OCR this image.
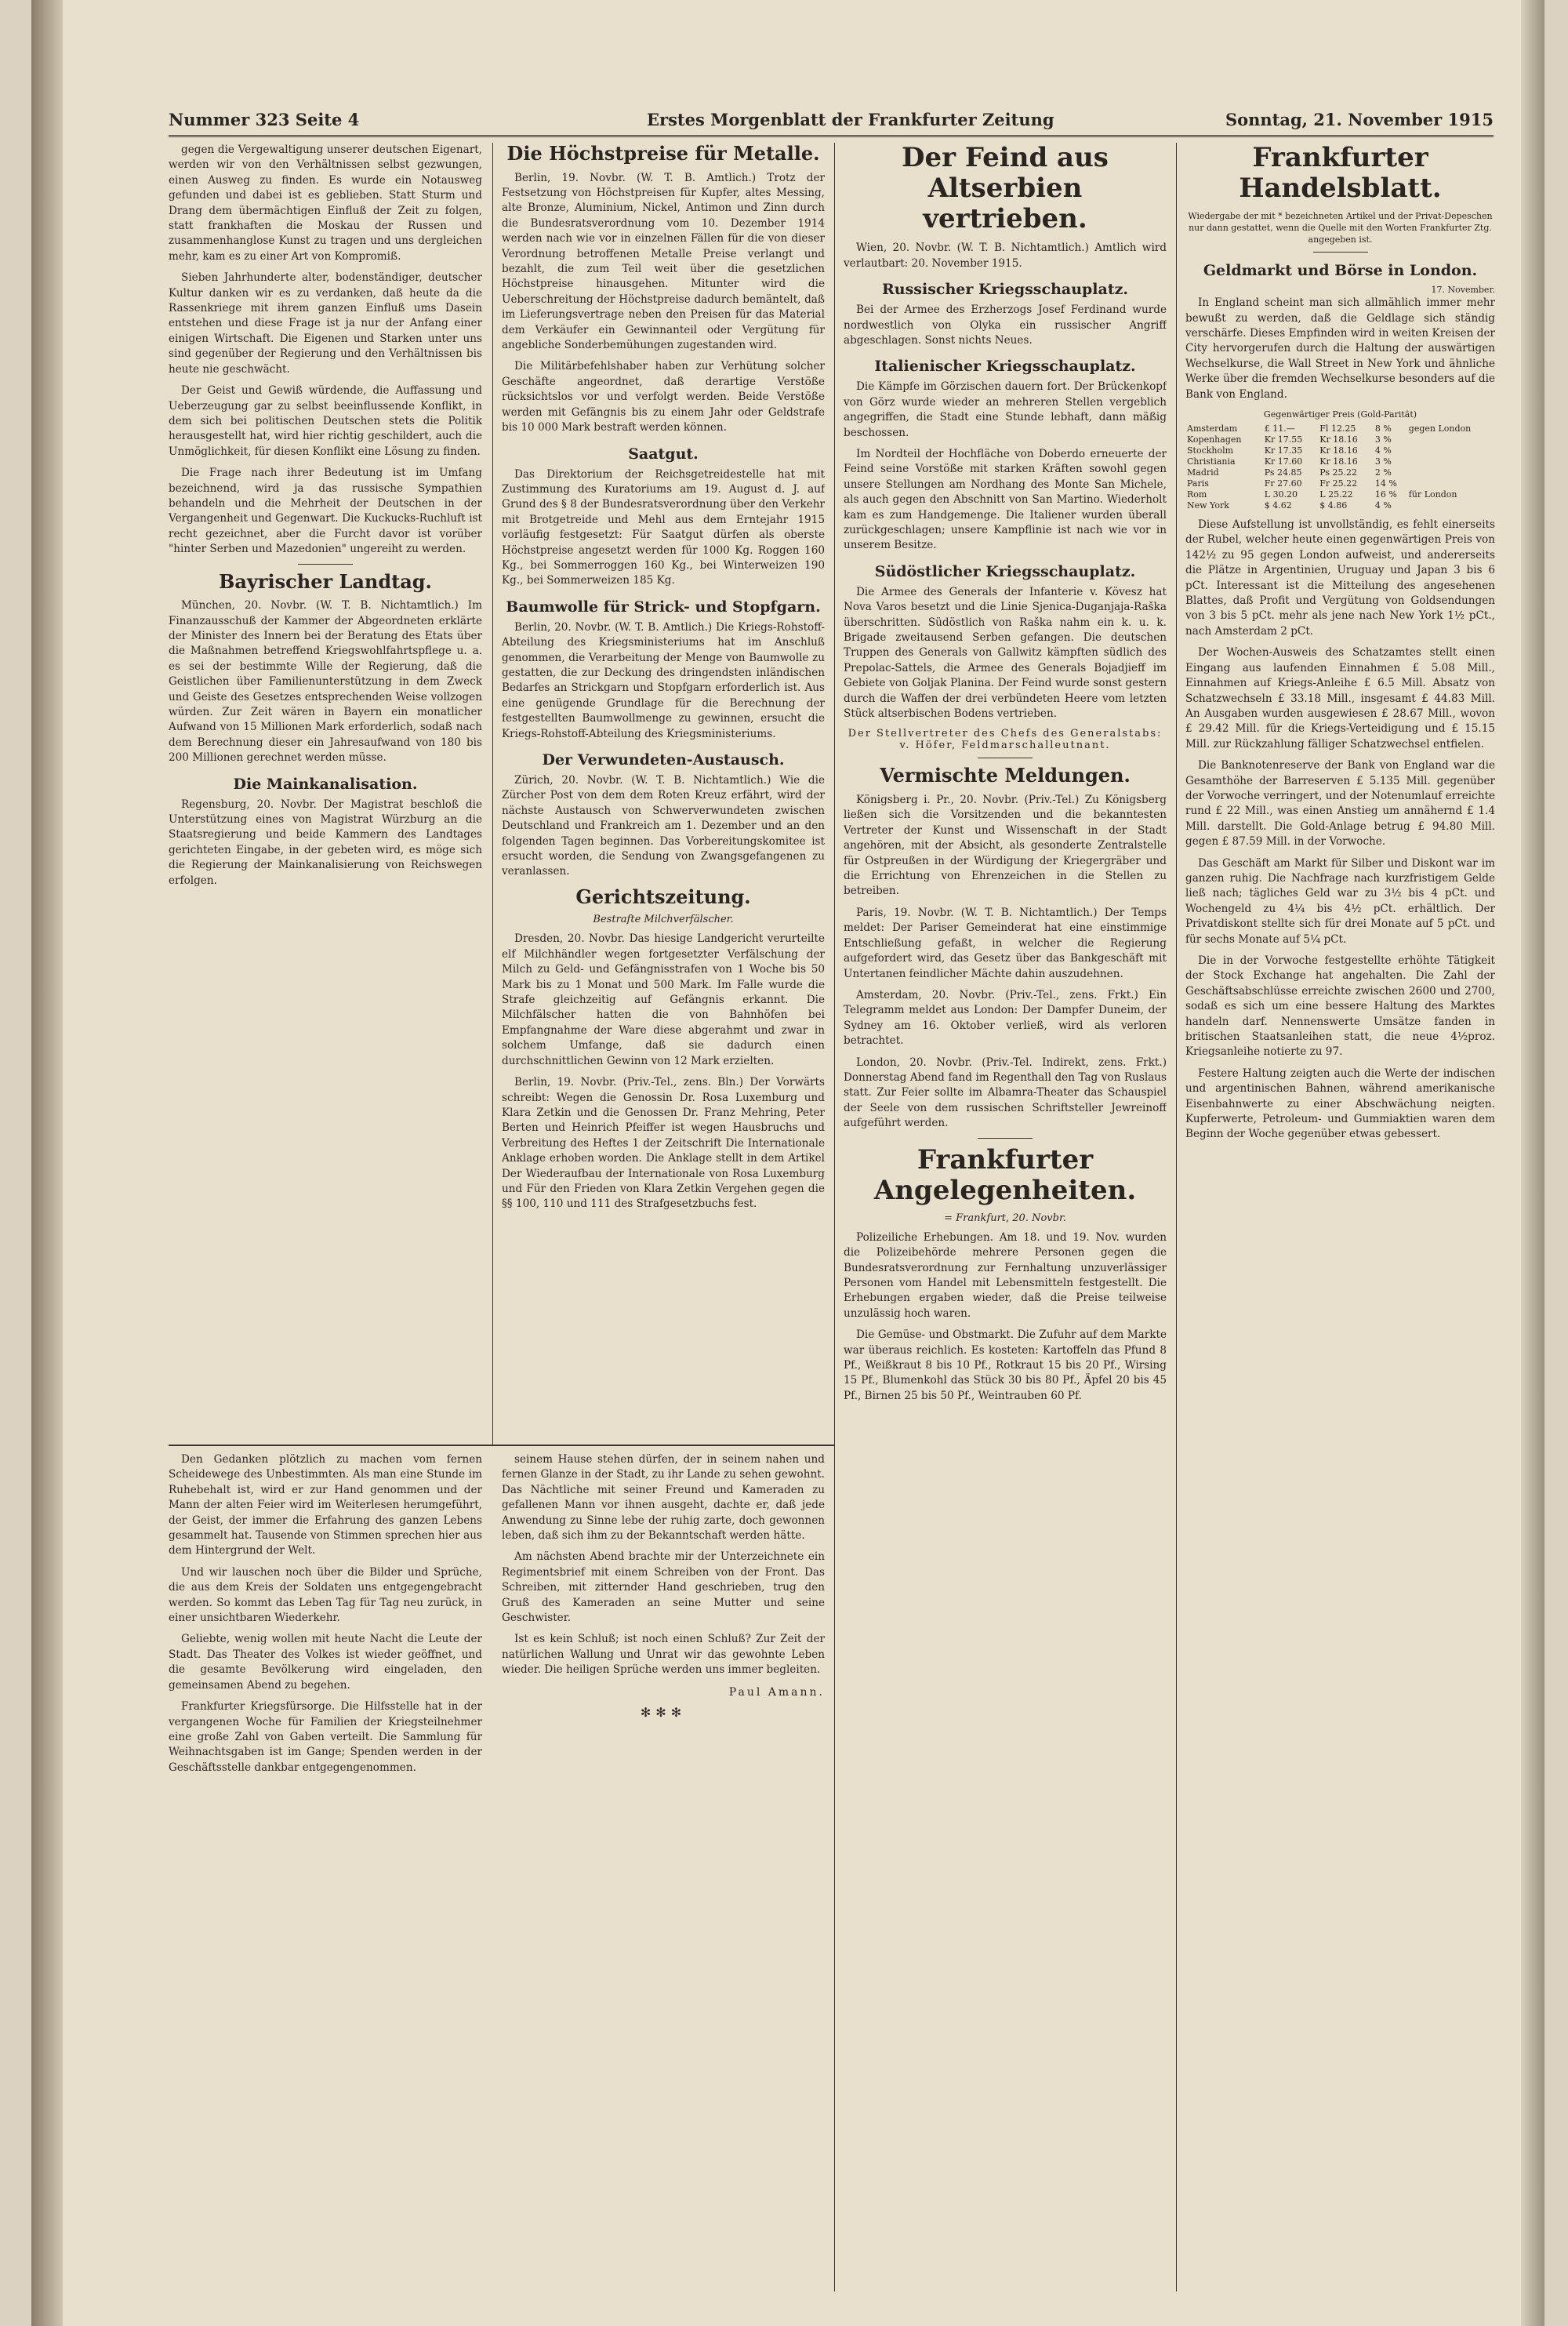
Nummer 323 Seite 4	Erstes Morgenblatt der Frankfurter Zeitung	Sonntag, 21. November 1915

gegen die Vergewaltigung unserer deutschen Eigenart, werden wir von den Verhältnissen selbst gezwungen, einen Ausweg zu finden. Es wurde ein Notausweg gefunden und dabei ist es geblieben. Statt Sturm und Drang dem übermächtigen Einfluß der Zeit zu folgen, statt frankhaften die Moskau der Russen und zusammenhanglose Kunst zu tragen und uns dergleichen mehr, kam es zu einer Art von Kompromiß.

Sieben Jahrhunderte alter, bodenständiger, deutscher Kultur danken wir es zu verdanken, daß heute da die Rassenkriege mit ihrem ganzen Einfluß ums Dasein entstehen und diese Frage ist ja nur der Anfang einer einigen Wirtschaft. Die Eigenen und Starken unter uns sind gegenüber der Regierung und den Verhältnissen bis heute nie geschwächt.

Der Geist und Gewiß würdende, die Auffassung und Ueberzeugung gar zu selbst beeinflussende Konflikt, in dem sich bei politischen Deutschen stets die Politik herausgestellt hat, wird hier richtig geschildert, auch die Unmöglichkeit, für diesen Konflikt eine Lösung zu finden.

Die Frage nach ihrer Bedeutung ist im Umfang bezeichnend, wird ja das russische Sympathien behandeln und die Mehrheit der Deutschen in der Vergangenheit und Gegenwart. Die Kuckucks-Ruchluft ist recht gezeichnet, aber die Furcht davor ist vorüber "hinter Serben und Mazedonien" ungereiht zu werden.

Bayrischer Landtag.

München, 20. Novbr. (W. T. B. Nichtamtlich.) Im Finanzausschuß der Kammer der Abgeordneten erklärte der Minister des Innern bei der Beratung des Etats über die Maßnahmen betreffend Kriegswohlfahrtspflege u. a. es sei der bestimmte Wille der Regierung, daß die Geistlichen über Familienunterstützung in dem Zweck und Geiste des Gesetzes entsprechenden Weise vollzogen würden. Zur Zeit wären in Bayern ein monatlicher Aufwand von 15 Millionen Mark erforderlich, sodaß nach dem Berechnung dieser ein Jahresaufwand von 180 bis 200 Millionen gerechnet werden müsse.

Die Mainkanalisation.

Regensburg, 20. Novbr. Der Magistrat beschloß die Unterstützung eines von Magistrat Würzburg an die Staatsregierung und beide Kammern des Landtages gerichteten Eingabe, in der gebeten wird, es möge sich die Regierung der Mainkanalisierung von Reichswegen erfolgen.

Die Höchstpreise für Metalle.

Berlin, 19. Novbr. (W. T. B. Amtlich.) Trotz der Festsetzung von Höchstpreisen für Kupfer, altes Messing, alte Bronze, Aluminium, Nickel, Antimon und Zinn durch die Bundesratsverordnung vom 10. Dezember 1914 werden nach wie vor in einzelnen Fällen für die von dieser Verordnung betroffenen Metalle Preise verlangt und bezahlt, die zum Teil weit über die gesetzlichen Höchstpreise hinausgehen. Mitunter wird die Ueberschreitung der Höchstpreise dadurch bemäntelt, daß im Lieferungsvertrage neben den Preisen für das Material dem Verkäufer ein Gewinnanteil oder Vergütung für angebliche Sonderbemühungen zugestanden wird.

Die Militärbefehlshaber haben zur Verhütung solcher Geschäfte angeordnet, daß derartige Verstöße rücksichtslos vor und verfolgt werden. Beide Verstöße werden mit Gefängnis bis zu einem Jahr oder Geldstrafe bis 10 000 Mark bestraft werden können.

Saatgut.

Das Direktorium der Reichsgetreidestelle hat mit Zustimmung des Kuratoriums am 19. August d. J. auf Grund des § 8 der Bundesratsverordnung über den Verkehr mit Brotgetreide und Mehl aus dem Erntejahr 1915 vorläufig festgesetzt: Für Saatgut dürfen als oberste Höchstpreise angesetzt werden für 1000 Kg. Roggen 160 Kg., bei Sommerroggen 160 Kg., bei Winterweizen 190 Kg., bei Sommerweizen 185 Kg.

Baumwolle für Strick- und Stopfgarn.

Berlin, 20. Novbr. (W. T. B. Amtlich.) Die Kriegs-Rohstoff-Abteilung des Kriegsministeriums hat im Anschluß genommen, die Verarbeitung der Menge von Baumwolle zu gestatten, die zur Deckung des dringendsten inländischen Bedarfes an Strickgarn und Stopfgarn erforderlich ist. Aus eine genügende Grundlage für die Berechnung der festgestellten Baumwollmenge zu gewinnen, ersucht die Kriegs-Rohstoff-Abteilung des Kriegsministeriums.

Der Verwundeten-Austausch.

Zürich, 20. Novbr. (W. T. B. Nichtamtlich.) Wie die Zürcher Post von dem dem Roten Kreuz erfährt, wird der nächste Austausch von Schwerverwundeten zwischen Deutschland und Frankreich am 1. Dezember und an den folgenden Tagen beginnen. Das Vorbereitungskomitee ist ersucht worden, die Sendung von Zwangsgefangenen zu veranlassen.

Gerichtszeitung.
Bestrafte Milchverfälscher.

Dresden, 20. Novbr. Das hiesige Landgericht verurteilte elf Milchhändler wegen fortgesetzter Verfälschung der Milch zu Geld- und Gefängnisstrafen von 1 Woche bis 50 Mark bis zu 1 Monat und 500 Mark. Im Falle wurde die Strafe gleichzeitig auf Gefängnis erkannt. Die Milchfälscher hatten die von Bahnhöfen bei Empfangnahme der Ware diese abgerahmt und zwar in solchem Umfange, daß sie dadurch einen durchschnittlichen Gewinn von 12 Mark erzielten.

Berlin, 19. Novbr. (Priv.-Tel., zens. Bln.) Der Vorwärts schreibt: Wegen die Genossin Dr. Rosa Luxemburg und Klara Zetkin und die Genossen Dr. Franz Mehring, Peter Berten und Heinrich Pfeiffer ist wegen Hausbruchs und Verbreitung des Heftes 1 der Zeitschrift Die Internationale Anklage erhoben worden. Die Anklage stellt in dem Artikel Der Wiederaufbau der Internationale von Rosa Luxemburg und Für den Frieden von Klara Zetkin Vergehen gegen die §§ 100, 110 und 111 des Strafgesetzbuchs fest.

Der Feind aus Altserbien vertrieben.

Wien, 20. Novbr. (W. T. B. Nichtamtlich.) Amtlich wird verlautbart: 20. November 1915.

Russischer Kriegsschauplatz.

Bei der Armee des Erzherzogs Josef Ferdinand wurde nordwestlich von Olyka ein russischer Angriff abgeschlagen. Sonst nichts Neues.

Italienischer Kriegsschauplatz.

Die Kämpfe im Görzischen dauern fort. Der Brückenkopf von Görz wurde wieder an mehreren Stellen vergeblich angegriffen, die Stadt eine Stunde lebhaft, dann mäßig beschossen.

Im Nordteil der Hochfläche von Doberdo erneuerte der Feind seine Vorstöße mit starken Kräften sowohl gegen unsere Stellungen am Nordhang des Monte San Michele, als auch gegen den Abschnitt von San Martino. Wiederholt kam es zum Handgemenge. Die Italiener wurden überall zurückgeschlagen; unsere Kampflinie ist nach wie vor in unserem Besitze.

Südöstlicher Kriegsschauplatz.

Die Armee des Generals der Infanterie v. Kövesz hat Nova Varos besetzt und die Linie Sjenica-Duganjaja-Raška überschritten. Südöstlich von Raška nahm ein k. u. k. Brigade zweitausend Serben gefangen. Die deutschen Truppen des Generals von Gallwitz kämpften südlich des Prepolac-Sattels, die Armee des Generals Bojadjieff im Gebiete von Goljak Planina. Der Feind wurde sonst gestern durch die Waffen der drei verbündeten Heere vom letzten Stück altserbischen Bodens vertrieben.

Der Stellvertreter des Chefs des Generalstabs: v. Höfer, Feldmarschalleutnant.
Vermischte Meldungen.

Königsberg i. Pr., 20. Novbr. (Priv.-Tel.) Zu Königsberg ließen sich die Vorsitzenden und die bekanntesten Vertreter der Kunst und Wissenschaft in der Stadt angehören, mit der Absicht, als gesonderte Zentralstelle für Ostpreußen in der Würdigung der Kriegergräber und die Errichtung von Ehrenzeichen in die Stellen zu betreiben.

Paris, 19. Novbr. (W. T. B. Nichtamtlich.) Der Temps meldet: Der Pariser Gemeinderat hat eine einstimmige Entschließung gefaßt, in welcher die Regierung aufgefordert wird, das Gesetz über das Bankgeschäft mit Untertanen feindlicher Mächte dahin auszudehnen.

Amsterdam, 20. Novbr. (Priv.-Tel., zens. Frkt.) Ein Telegramm meldet aus London: Der Dampfer Duneim, der Sydney am 16. Oktober verließ, wird als verloren betrachtet.

London, 20. Novbr. (Priv.-Tel. Indirekt, zens. Frkt.) Donnerstag Abend fand im Regenthall den Tag von Ruslaus statt. Zur Feier sollte im Albamra-Theater das Schauspiel der Seele von dem russischen Schriftsteller Jewreinoff aufgeführt werden.

Frankfurter Angelegenheiten.
= Frankfurt, 20. Novbr.

Polizeiliche Erhebungen. Am 18. und 19. Nov. wurden die Polizeibehörde mehrere Personen gegen die Bundesratsverordnung zur Fernhaltung unzuverlässiger Personen vom Handel mit Lebensmitteln festgestellt. Die Erhebungen ergaben wieder, daß die Preise teilweise unzulässig hoch waren.

Die Gemüse- und Obstmarkt. Die Zufuhr auf dem Markte war überaus reichlich. Es kosteten: Kartoffeln das Pfund 8 Pf., Weißkraut 8 bis 10 Pf., Rotkraut 15 bis 20 Pf., Wirsing 15 Pf., Blumenkohl das Stück 30 bis 80 Pf., Äpfel 20 bis 45 Pf., Birnen 25 bis 50 Pf., Weintrauben 60 Pf.

Frankfurter Handelsblatt.
Wiedergabe der mit * bezeichneten Artikel und der Privat-Depeschen nur dann gestattet, wenn die Quelle mit den Worten Frankfurter Ztg. angegeben ist.
Geldmarkt und Börse in London.
17. November.

In England scheint man sich allmählich immer mehr bewußt zu werden, daß die Geldlage sich ständig verschärfe. Dieses Empfinden wird in weiten Kreisen der City hervorgerufen durch die Haltung der auswärtigen Wechselkurse, die Wall Street in New York und ähnliche Werke über die fremden Wechselkurse besonders auf die Bank von England.

Gegenwärtiger Preis (Gold-Parität)
Amsterdam	£ 11.—	Fl 12.25	8 %	gegen London
Kopenhagen	Kr 17.55	Kr 18.16	3 %	
Stockholm	Kr 17.35	Kr 18.16	4 %	
Christiania	Kr 17.60	Kr 18.16	3 %	
Madrid	Ps 24.85	Ps 25.22	2 %	
Paris	Fr 27.60	Fr 25.22	14 %	
Rom	L 30.20	L 25.22	16 %	für London
New York	$ 4.62	$ 4.86	4 %	

Diese Aufstellung ist unvollständig, es fehlt einerseits der Rubel, welcher heute einen gegenwärtigen Preis von 142½ zu 95 gegen London aufweist, und andererseits die Plätze in Argentinien, Uruguay und Japan 3 bis 6 pCt. Interessant ist die Mitteilung des angesehenen Blattes, daß Profit und Vergütung von Goldsendungen von 3 bis 5 pCt. mehr als jene nach New York 1½ pCt., nach Amsterdam 2 pCt.

Der Wochen-Ausweis des Schatzamtes stellt einen Eingang aus laufenden Einnahmen £ 5.08 Mill., Einnahmen auf Kriegs-Anleihe £ 6.5 Mill. Absatz von Schatzwechseln £ 33.18 Mill., insgesamt £ 44.83 Mill. An Ausgaben wurden ausgewiesen £ 28.67 Mill., wovon £ 29.42 Mill. für die Kriegs-Verteidigung und £ 15.15 Mill. zur Rückzahlung fälliger Schatzwechsel entfielen.

Die Banknotenreserve der Bank von England war die Gesamthöhe der Barreserven £ 5.135 Mill. gegenüber der Vorwoche verringert, und der Notenumlauf erreichte rund £ 22 Mill., was einen Anstieg um annähernd £ 1.4 Mill. darstellt. Die Gold-Anlage betrug £ 94.80 Mill. gegen £ 87.59 Mill. in der Vorwoche.

Das Geschäft am Markt für Silber und Diskont war im ganzen ruhig. Die Nachfrage nach kurzfristigem Gelde ließ nach; tägliches Geld war zu 3½ bis 4 pCt. und Wochengeld zu 4¼ bis 4½ pCt. erhältlich. Der Privatdiskont stellte sich für drei Monate auf 5 pCt. und für sechs Monate auf 5¼ pCt.

Die in der Vorwoche festgestellte erhöhte Tätigkeit der Stock Exchange hat angehalten. Die Zahl der Geschäftsabschlüsse erreichte zwischen 2600 und 2700, sodaß es sich um eine bessere Haltung des Marktes handeln darf. Nennenswerte Umsätze fanden in britischen Staatsanleihen statt, die neue 4½proz. Kriegsanleihe notierte zu 97.

Festere Haltung zeigten auch die Werte der indischen und argentinischen Bahnen, während amerikanische Eisenbahnwerte zu einer Abschwächung neigten. Kupferwerte, Petroleum- und Gummiaktien waren dem Beginn der Woche gegenüber etwas gebessert.

Den Gedanken plötzlich zu machen vom fernen Scheidewege des Unbestimmten. Als man eine Stunde im Ruhebehalt ist, wird er zur Hand genommen und der Mann der alten Feier wird im Weiterlesen herumgeführt, der Geist, der immer die Erfahrung des ganzen Lebens gesammelt hat. Tausende von Stimmen sprechen hier aus dem Hintergrund der Welt.

Und wir lauschen noch über die Bilder und Sprüche, die aus dem Kreis der Soldaten uns entgegengebracht werden. So kommt das Leben Tag für Tag neu zurück, in einer unsichtbaren Wiederkehr.

Geliebte, wenig wollen mit heute Nacht die Leute der Stadt. Das Theater des Volkes ist wieder geöffnet, und die gesamte Bevölkerung wird eingeladen, den gemeinsamen Abend zu begehen.

Frankfurter Kriegsfürsorge. Die Hilfsstelle hat in der vergangenen Woche für Familien der Kriegsteilnehmer eine große Zahl von Gaben verteilt. Die Sammlung für Weihnachtsgaben ist im Gange; Spenden werden in der Geschäftsstelle dankbar entgegengenommen.

seinem Hause stehen dürfen, der in seinem nahen und fernen Glanze in der Stadt, zu ihr Lande zu sehen gewohnt. Das Nächtliche mit seiner Freund und Kameraden zu gefallenen Mann vor ihnen ausgeht, dachte er, daß jede Anwendung zu Sinne lebe der ruhig zarte, doch gewonnen leben, daß sich ihm zu der Bekanntschaft werden hätte.

Am nächsten Abend brachte mir der Unterzeichnete ein Regimentsbrief mit einem Schreiben von der Front. Das Schreiben, mit zitternder Hand geschrieben, trug den Gruß des Kameraden an seine Mutter und seine Geschwister.

Ist es kein Schluß; ist noch einen Schluß? Zur Zeit der natürlichen Wallung und Unrat wir das gewohnte Leben wieder. Die heiligen Sprüche werden uns immer begleiten.

Paul Amann.
✻✻✻
